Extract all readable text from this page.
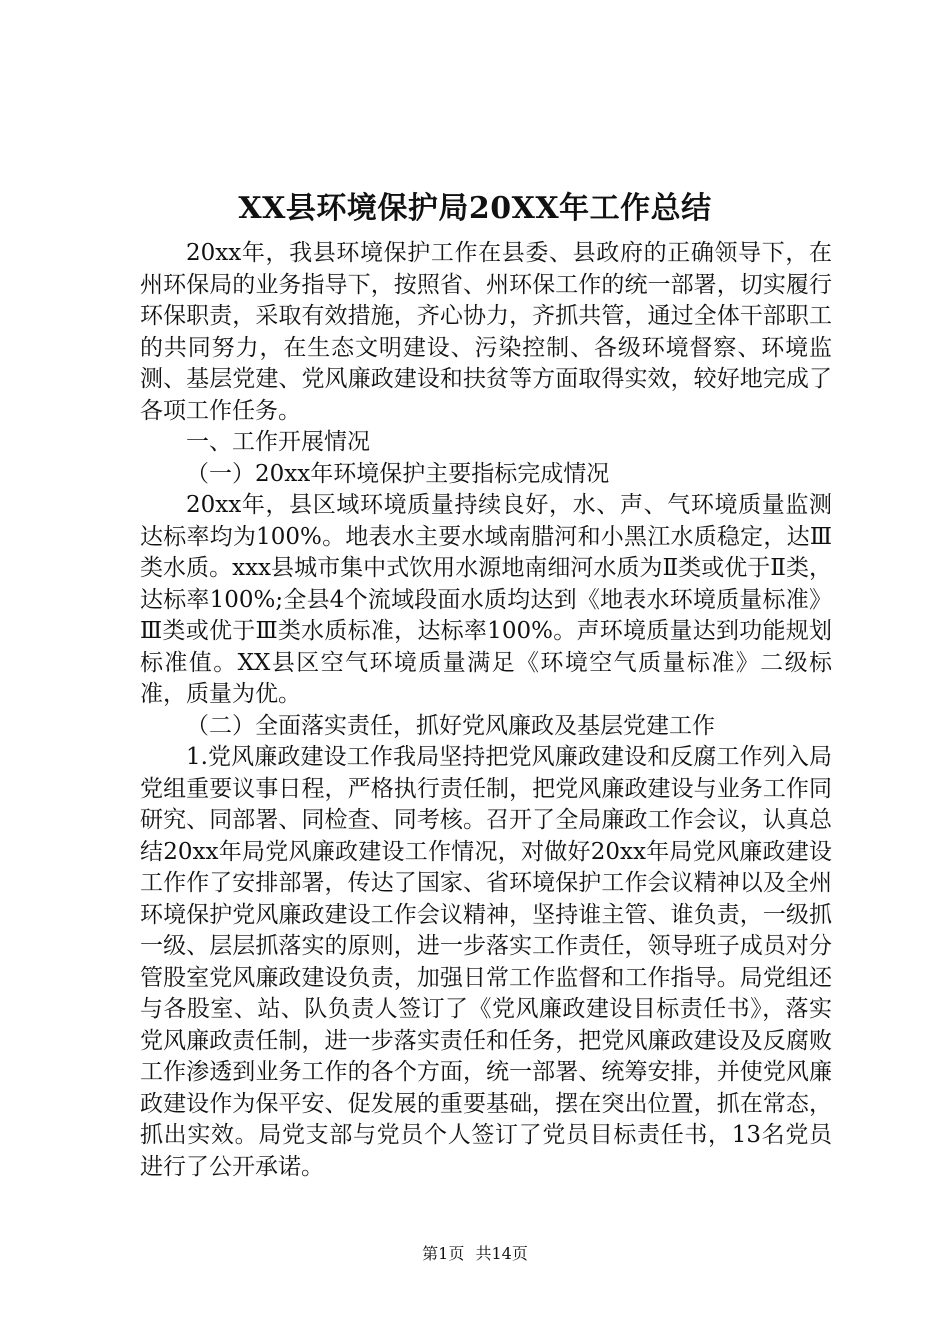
XX县环境保护局20XX年工作总结

20xx年，我县环境保护工作在县委、县政府的正确领导下，在州环保局的业务指导下，按照省、州环保工作的统一部署，切实履行环保职责，采取有效措施，齐心协力，齐抓共管，通过全体干部职工的共同努力，在生态文明建设、污染控制、各级环境督察、环境监测、基层党建、党风廉政建设和扶贫等方面取得实效，较好地完成了各项工作任务。

一、工作开展情况

（一）20xx年环境保护主要指标完成情况

20xx年，县区域环境质量持续良好，水、声、气环境质量监测达标率均为100%。地表水主要水域南腊河和小黑江水质稳定，达Ⅲ类水质。xxx县城市集中式饮用水源地南细河水质为Ⅱ类或优于Ⅱ类，达标率100%;全县4个流域段面水质均达到《地表水环境质量标准》Ⅲ类或优于Ⅲ类水质标准，达标率100%。声环境质量达到功能规划标准值。XX县区空气环境质量满足《环境空气质量标准》二级标准，质量为优。

（二）全面落实责任，抓好党风廉政及基层党建工作

1.党风廉政建设工作我局坚持把党风廉政建设和反腐工作列入局党组重要议事日程，严格执行责任制，把党风廉政建设与业务工作同研究、同部署、同检查、同考核。召开了全局廉政工作会议，认真总结20xx年局党风廉政建设工作情况，对做好20xx年局党风廉政建设工作作了安排部署，传达了国家、省环境保护工作会议精神以及全州环境保护党风廉政建设工作会议精神，坚持谁主管、谁负责，一级抓一级、层层抓落实的原则，进一步落实工作责任，领导班子成员对分管股室党风廉政建设负责，加强日常工作监督和工作指导。局党组还与各股室、站、队负责人签订了《党风廉政建设目标责任书》，落实党风廉政责任制，进一步落实责任和任务，把党风廉政建设及反腐败工作渗透到业务工作的各个方面，统一部署、统筹安排，并使党风廉政建设作为保平安、促发展的重要基础，摆在突出位置，抓在常态，抓出实效。局党支部与党员个人签订了党员目标责任书，13名党员进行了公开承诺。

第1页 共14页
